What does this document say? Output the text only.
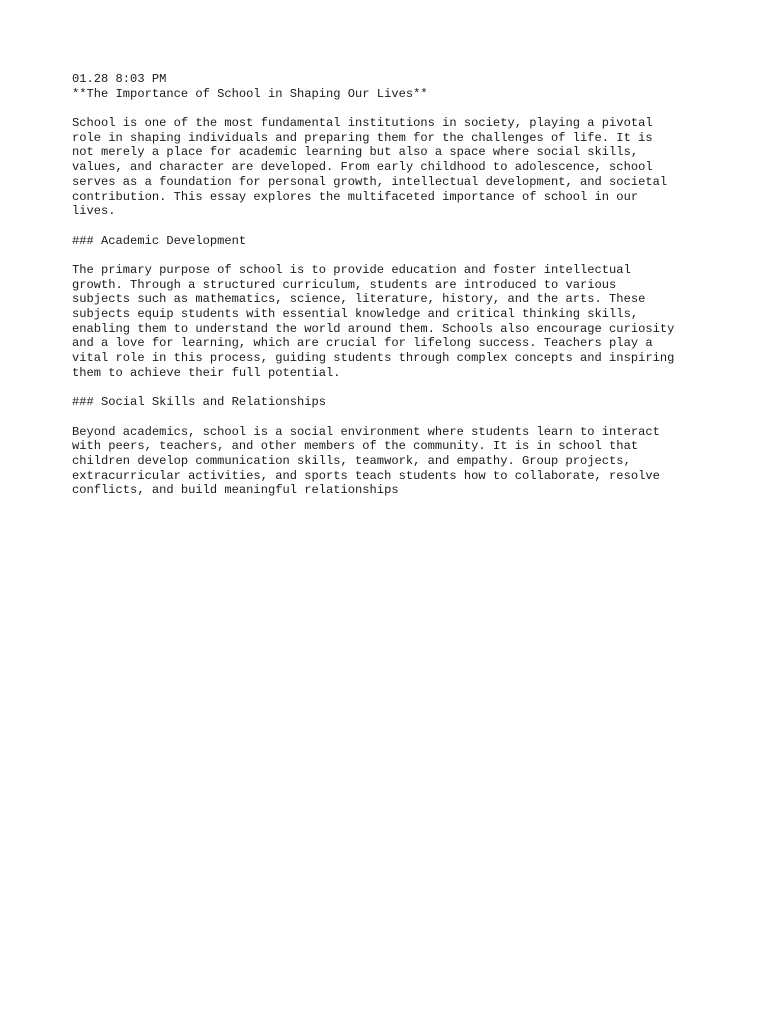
01.28 8:03 PM
**The Importance of School in Shaping Our Lives**
School is one of the most fundamental institutions in society, playing a pivotal
role in shaping individuals and preparing them for the challenges of life. It is
not merely a place for academic learning but also a space where social skills,
values, and character are developed. From early childhood to adolescence, school
serves as a foundation for personal growth, intellectual development, and societal
contribution. This essay explores the multifaceted importance of school in our
lives.
### Academic Development
The primary purpose of school is to provide education and foster intellectual
growth. Through a structured curriculum, students are introduced to various
subjects such as mathematics, science, literature, history, and the arts. These
subjects equip students with essential knowledge and critical thinking skills,
enabling them to understand the world around them. Schools also encourage curiosity
and a love for learning, which are crucial for lifelong success. Teachers play a
vital role in this process, guiding students through complex concepts and inspiring
them to achieve their full potential.
### Social Skills and Relationships
Beyond academics, school is a social environment where students learn to interact
with peers, teachers, and other members of the community. It is in school that
children develop communication skills, teamwork, and empathy. Group projects,
extracurricular activities, and sports teach students how to collaborate, resolve
conflicts, and build meaningful relationships
